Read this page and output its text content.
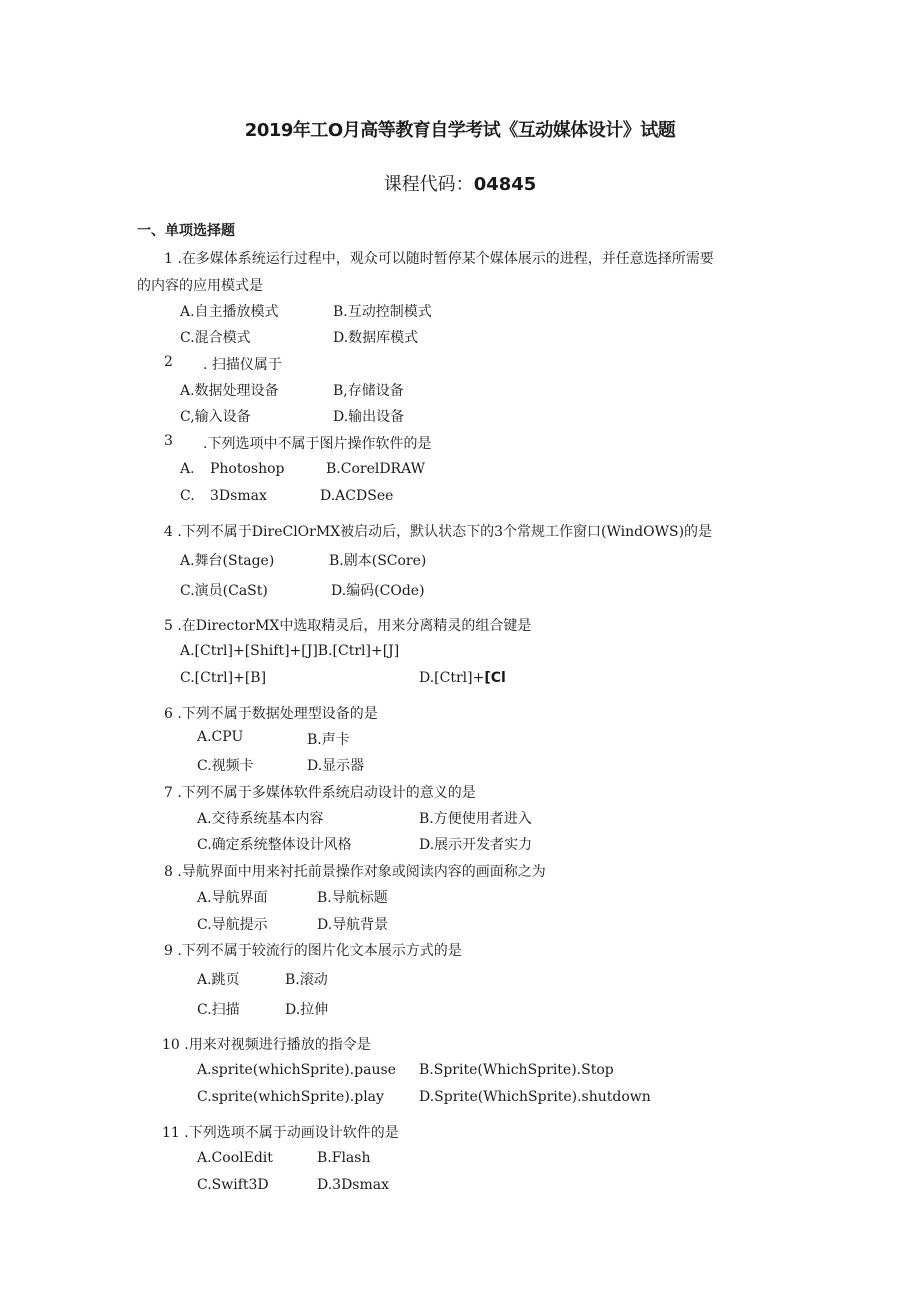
2019年工O月高等教育自学考试《互动媒体设计》试题
课程代码：04845
一、单项选择题
1 .在多媒体系统运行过程中，观众可以随时暂停某个媒体展示的进程，并任意选择所需要
的内容的应用模式是
A.自主播放模式	B.互动控制模式
C.混合模式	D.数据库模式
2 . 扫描仪属于
A.数据处理设备	B,存储设备
C,输入设备	D.输出设备
3 .下列选项中不属于图片操作软件的是
A. Photoshop	B.CorelDRAW
C. 3Dsmax	D.ACDSee
4 .下列不属于DireClOrMX被启动后，默认状态下的3个常规工作窗口(WindOWS)的是
A.舞台(Stage)	B.剧本(SCore)
C.演员(CaSt)	D.编码(COde)
5 .在DirectorMX中选取精灵后，用来分离精灵的组合键是
A.[Ctrl]+[Shift]+[J]B.[Ctrl]+[J]
C.[Ctrl]+[B]	D.[Ctrl]+[Cl
6 .下列不属于数据处理型设备的是
A.CPU	B.声卡
C.视频卡	D.显示器
7 .下列不属于多媒体软件系统启动设计的意义的是
A.交待系统基本内容	B.方便使用者进入
C.确定系统整体设计风格	D.展示开发者实力
8 .导航界面中用来衬托前景操作对象或阅读内容的画面称之为
A.导航界面	B.导航标题
C.导航提示	D.导航背景
9 .下列不属于较流行的图片化文本展示方式的是
A.跳页	B.滚动
C.扫描	D.拉伸
10 .用来对视频进行播放的指令是
A.sprite(whichSprite).pause B.Sprite(WhichSprite).Stop
C.sprite(whichSprite).play	D.Sprite(WhichSprite).shutdown
11 .下列选项不属于动画设计软件的是
A.CoolEdit	B.Flash
C.Swift3D	D.3Dsmax
